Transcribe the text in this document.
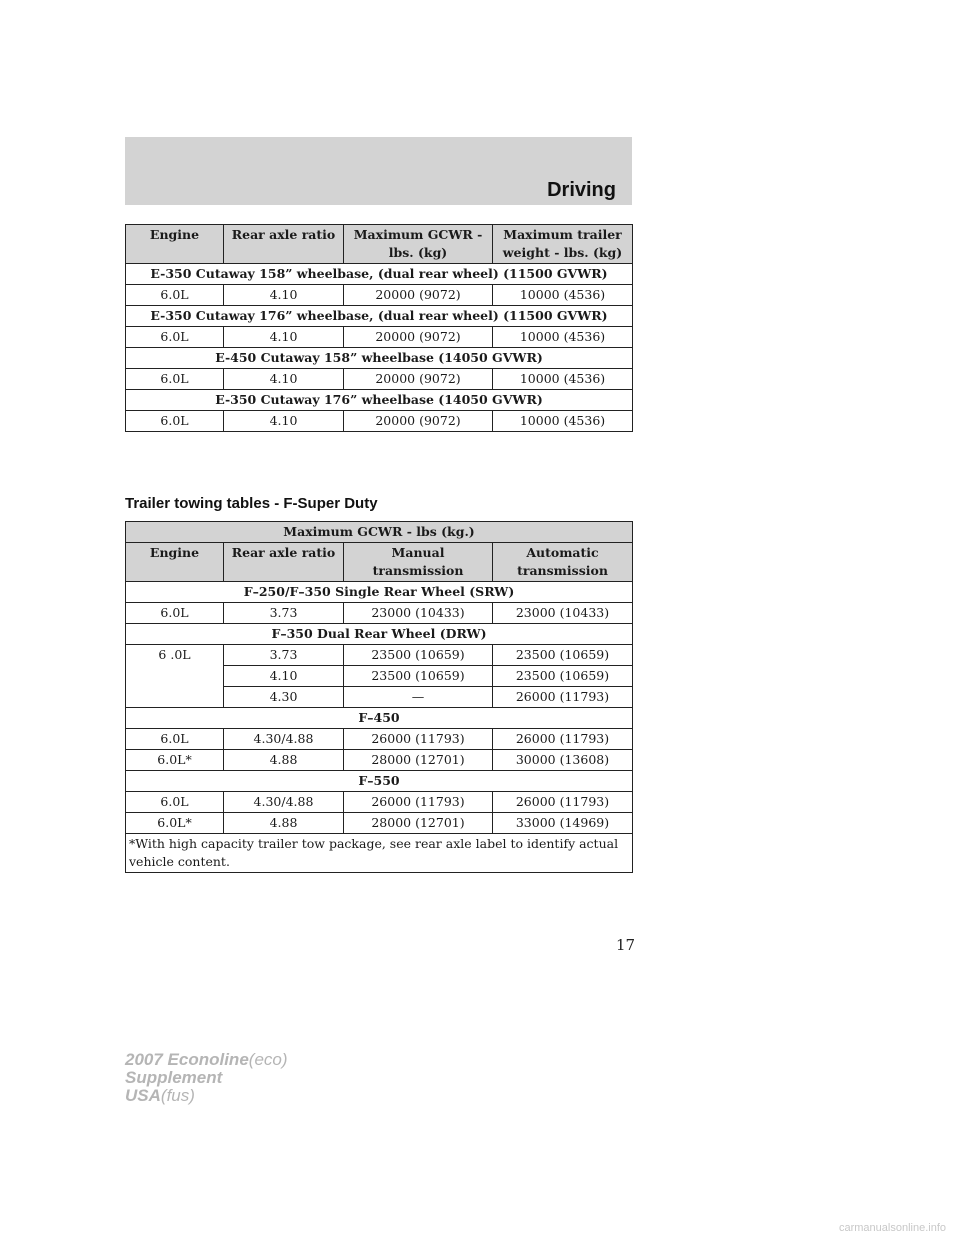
Driving
Engine	Rear axle ratio	Maximum GCWR - lbs. (kg)	Maximum trailer weight - lbs. (kg)
E-350 Cutaway 158” wheelbase, (dual rear wheel) (11500 GVWR)			
6.0L	4.10	20000 (9072)	10000 (4536)
E-350 Cutaway 176” wheelbase, (dual rear wheel) (11500 GVWR)			
6.0L	4.10	20000 (9072)	10000 (4536)
E-450 Cutaway 158” wheelbase (14050 GVWR)			
6.0L	4.10	20000 (9072)	10000 (4536)
E-350 Cutaway 176” wheelbase (14050 GVWR)			
6.0L	4.10	20000 (9072)	10000 (4536)
Trailer towing tables - F-Super Duty
Maximum GCWR - lbs (kg.)			
Engine	Rear axle ratio	Manual transmission	Automatic transmission
F–250/F–350 Single Rear Wheel (SRW)			
6.0L	3.73	23000 (10433)	23000 (10433)
F–350 Dual Rear Wheel (DRW)			
6 .0L	3.73	23500 (10659)	23500 (10659)
	4.10	23500 (10659)	23500 (10659)
	4.30	—	26000 (11793)
F–450			
6.0L	4.30/4.88	26000 (11793)	26000 (11793)
6.0L*	4.88	28000 (12701)	30000 (13608)
F–550			
6.0L	4.30/4.88	26000 (11793)	26000 (11793)
6.0L*	4.88	28000 (12701)	33000 (14969)
*With high capacity trailer tow package, see rear axle label to identify actual vehicle content.			
17
2007 Econoline(eco)
Supplement
USA(fus)
carmanualsonline.info
